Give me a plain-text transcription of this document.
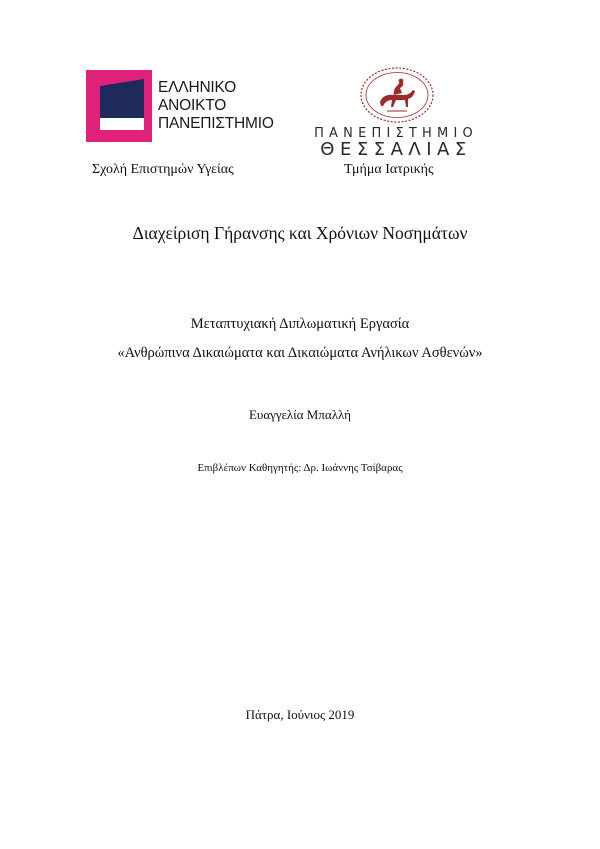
ΕΛΛΗΝΙΚΟ
ΑΝΟΙΚΤΟ
ΠΑΝΕΠΙΣΤΗΜΙΟ
ΠΑΝΕΠΙΣΤΗΜΙΟ
ΘΕΣΣΑΛΙΑΣ
Σχολή Επιστημών Υγείας	Τμήμα Ιατρικής
Διαχείριση Γήρανσης και Χρόνιων Νοσημάτων
Μεταπτυχιακή Διπλωματική Εργασία
«Ανθρώπινα Δικαιώματα και Δικαιώματα Ανήλικων Ασθενών»
Ευαγγελία Μπαλλή
Επιβλέπων Καθηγητής: Δρ. Ιωάννης Τσίβαρας
Πάτρα, Ιούνιος 2019
